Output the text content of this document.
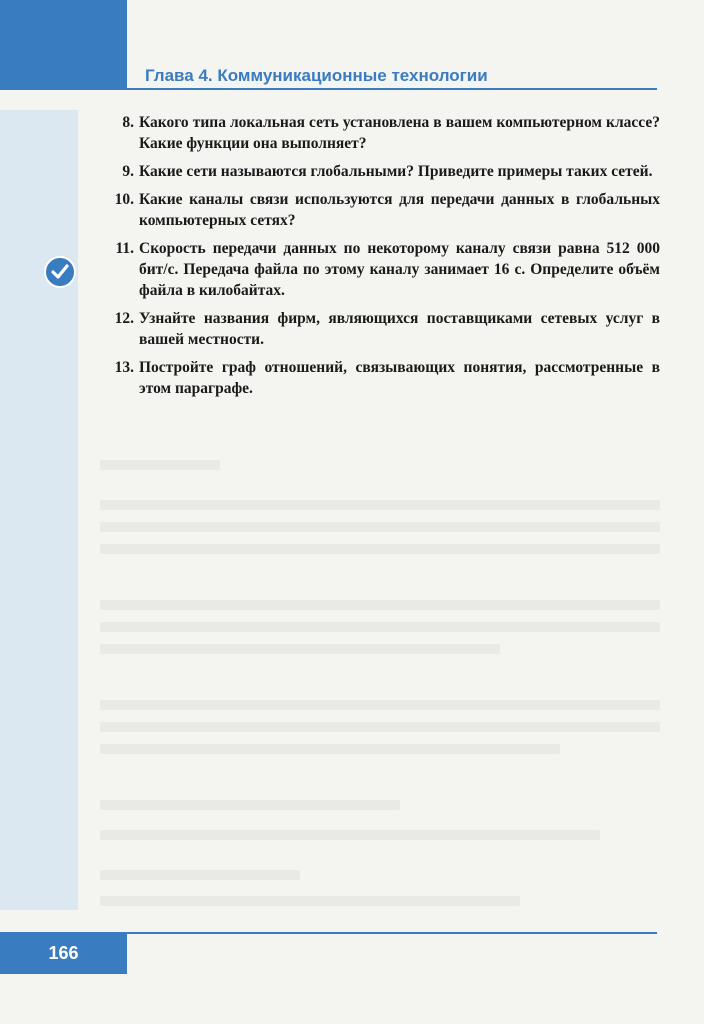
Глава 4. Коммуникационные технологии
8. Какого типа локальная сеть установлена в вашем компьютерном классе? Какие функции она выполняет?
9. Какие сети называются глобальными? Приведите примеры таких сетей.
10. Какие каналы связи используются для передачи данных в глобальных компьютерных сетях?
11. Скорость передачи данных по некоторому каналу связи равна 512 000 бит/с. Передача файла по этому каналу занимает 16 с. Определите объём файла в килобайтах.
12. Узнайте названия фирм, являющихся поставщиками сетевых услуг в вашей местности.
13. Постройте граф отношений, связывающих понятия, рассмотренные в этом параграфе.
166
